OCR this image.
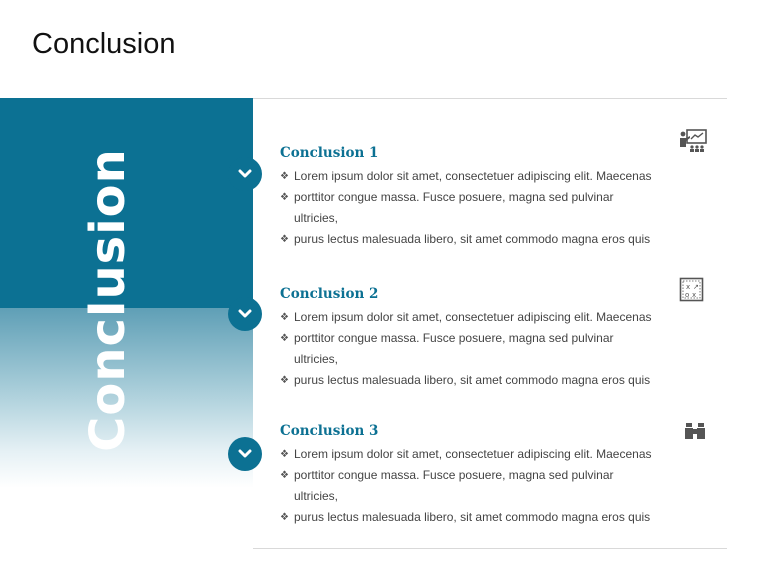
Conclusion
Conclusion	x ↗
o x
Conclusion 1
❖ Lorem ipsum dolor sit amet, consectetuer adipiscing elit. Maecenas
❖ porttitor congue massa. Fusce posuere, magna sed pulvinar
ultricies,
❖ purus lectus malesuada libero, sit amet commodo magna eros quis
Conclusion 2
❖ Lorem ipsum dolor sit amet, consectetuer adipiscing elit. Maecenas
❖ porttitor congue massa. Fusce posuere, magna sed pulvinar
ultricies,
❖ purus lectus malesuada libero, sit amet commodo magna eros quis
Conclusion 3
❖ Lorem ipsum dolor sit amet, consectetuer adipiscing elit. Maecenas
❖ porttitor congue massa. Fusce posuere, magna sed pulvinar
ultricies,
❖ purus lectus malesuada libero, sit amet commodo magna eros quis
